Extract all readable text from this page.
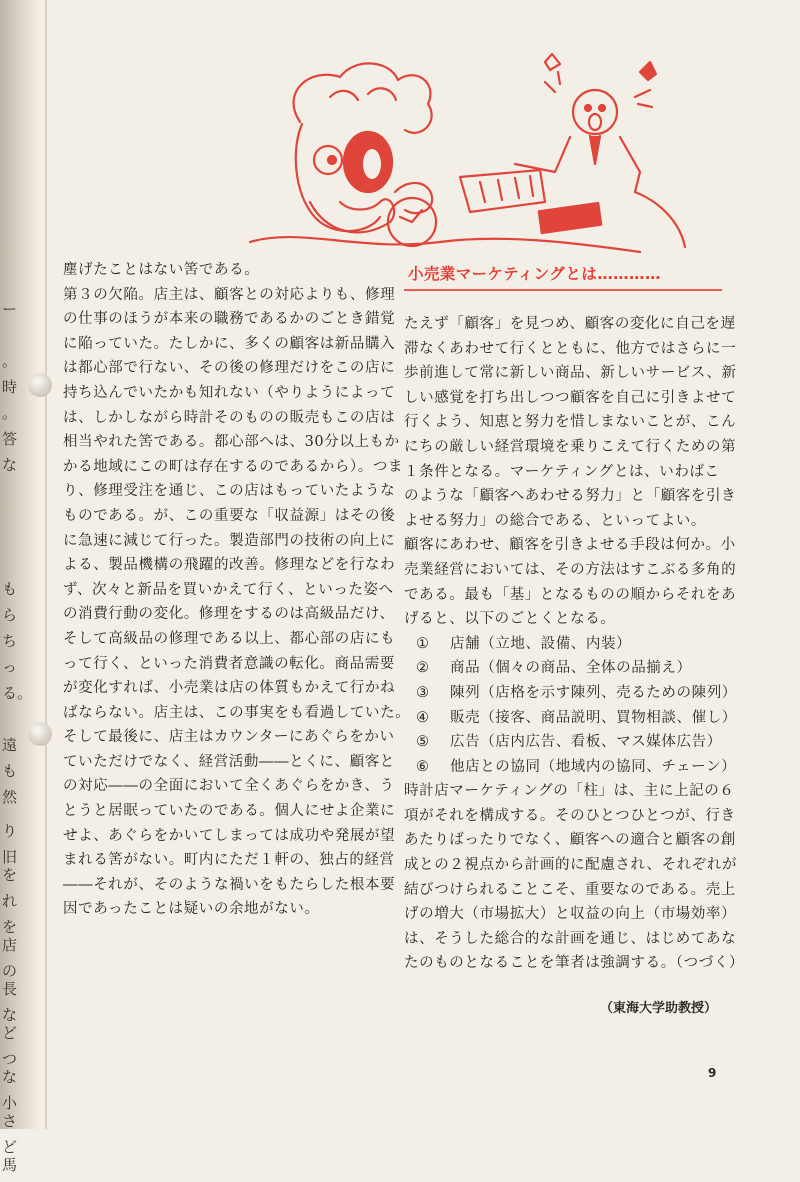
ー

。
時
。
答
な
も
ら
ち
っ
る。

遠
も
然
り
旧を
れ
を店
の長
など
つな
小さ
ど馬

塵げたことはない筈である。

第３の欠陥。店主は、顧客との対応よりも、修理

の仕事のほうが本来の職務であるかのごとき錯覚

に陥っていた。たしかに、多くの顧客は新品購入

は都心部で行ない、その後の修理だけをこの店に

持ち込んでいたかも知れない（やりようによって

は、しかしながら時計そのものの販売もこの店は

相当やれた筈である。都心部へは、30分以上もか

かる地域にこの町は存在するのであるから）。つま

り、修理受注を通じ、この店はもっていたような

ものである。が、この重要な「収益源」はその後

に急速に減じて行った。製造部門の技術の向上に

よる、製品機構の飛躍的改善。修理などを行なわ

ず、次々と新品を買いかえて行く、といった姿へ

の消費行動の変化。修理をするのは高級品だけ、

そして高級品の修理である以上、都心部の店にも

って行く、といった消費者意識の転化。商品需要

が変化すれば、小売業は店の体質もかえて行かね

ばならない。店主は、この事実をも看過していた。

そして最後に、店主はカウンターにあぐらをかい

ていただけでなく、経営活動――とくに、顧客と

の対応――の全面において全くあぐらをかき、う

とうと居眠っていたのである。個人にせよ企業に

せよ、あぐらをかいてしまっては成功や発展が望

まれる筈がない。町内にただ１軒の、独占的経営

――それが、そのような禍いをもたらした根本要

因であったことは疑いの余地がない。

小売業マーケティングとは…………

たえず「顧客」を見つめ、顧客の変化に自己を遅

滞なくあわせて行くとともに、他方ではさらに一

歩前進して常に新しい商品、新しいサービス、新

しい感覚を打ち出しつつ顧客を自己に引きよせて

行くよう、知恵と努力を惜しまないことが、こん

にちの厳しい経営環境を乗りこえて行くための第

１条件となる。マーケティングとは、いわばこ

のような「顧客へあわせる努力」と「顧客を引き

よせる努力」の総合である、といってよい。

顧客にあわせ、顧客を引きよせる手段は何か。小

売業経営においては、その方法はすこぶる多角的

である。最も「基」となるものの順からそれをあ

げると、以下のごとくとなる。

① 店舗（立地、設備、内装）
② 商品（個々の商品、全体の品揃え）
③ 陳列（店格を示す陳列、売るための陳列）
④ 販売（接客、商品説明、買物相談、催し）
⑤ 広告（店内広告、看板、マス媒体広告）
⑥ 他店との協同（地域内の協同、チェーン）

時計店マーケティングの「柱」は、主に上記の６

項がそれを構成する。そのひとつひとつが、行き

あたりばったりでなく、顧客への適合と顧客の創

成との２視点から計画的に配慮され、それぞれが

結びつけられることこそ、重要なのである。売上

げの増大（市場拡大）と収益の向上（市場効率）

は、そうした総合的な計画を通じ、はじめてあな

たのものとなることを筆者は強調する。（つづく）

（東海大学助教授）
9
